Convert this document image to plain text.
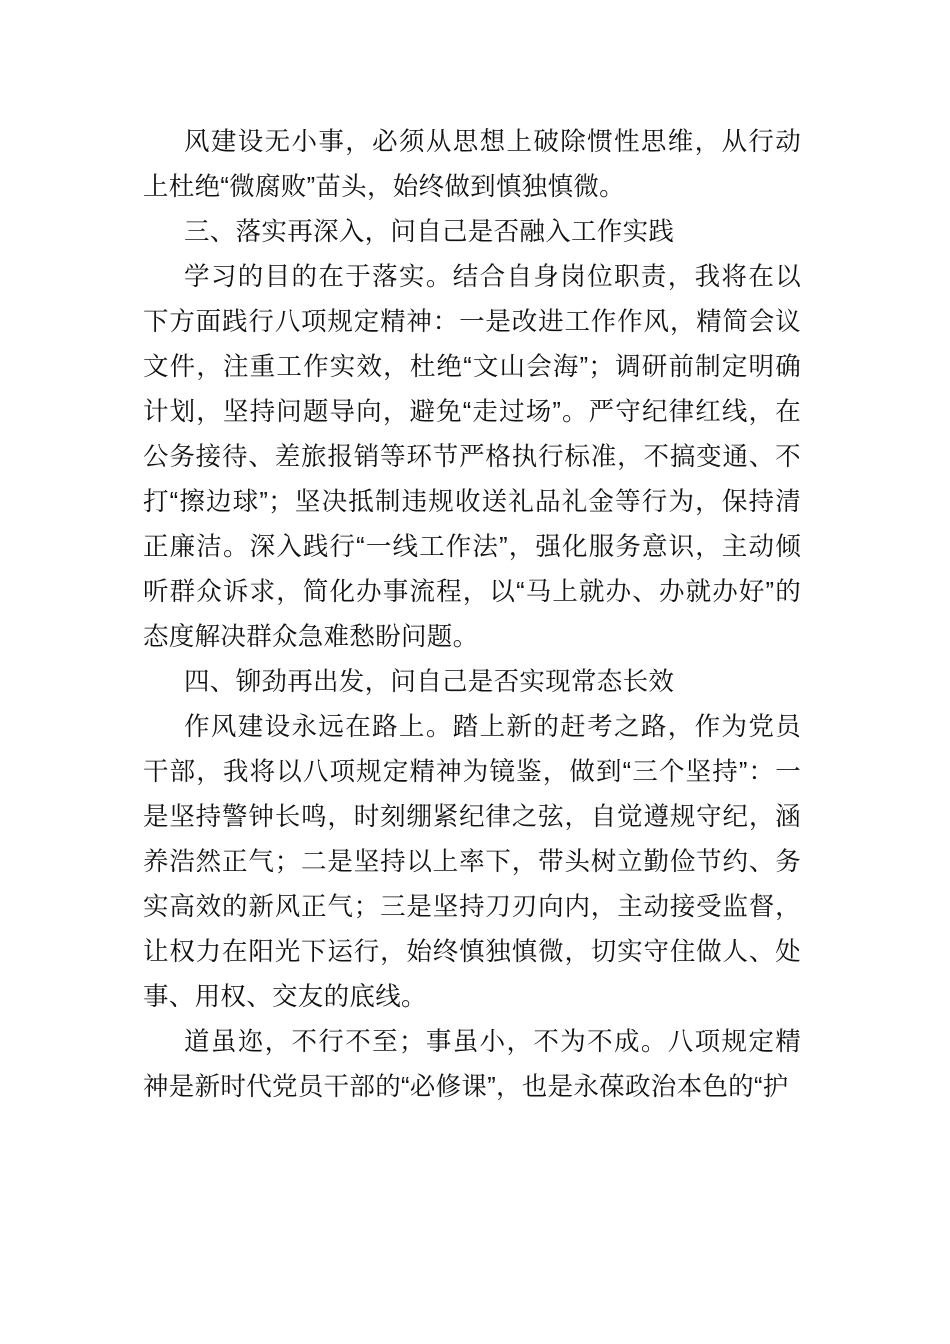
风建设无小事，必须从思想上破除惯性思维，从行动上杜绝“微腐败”苗头，始终做到慎独慎微。

三、落实再深入，问自己是否融入工作实践

学习的目的在于落实。结合自身岗位职责，我将在以下方面践行八项规定精神：一是改进工作作风，精简会议文件，注重工作实效，杜绝“文山会海”；调研前制定明确计划，坚持问题导向，避免“走过场”。严守纪律红线，在公务接待、差旅报销等环节严格执行标准，不搞变通、不打“擦边球”；坚决抵制违规收送礼品礼金等行为，保持清正廉洁。深入践行“一线工作法”，强化服务意识，主动倾听群众诉求，简化办事流程，以“马上就办、办就办好”的态度解决群众急难愁盼问题。

四、铆劲再出发，问自己是否实现常态长效

作风建设永远在路上。踏上新的赶考之路，作为党员干部，我将以八项规定精神为镜鉴，做到“三个坚持”：一是坚持警钟长鸣，时刻绷紧纪律之弦，自觉遵规守纪，涵养浩然正气；二是坚持以上率下，带头树立勤俭节约、务实高效的新风正气；三是坚持刀刃向内，主动接受监督，让权力在阳光下运行，始终慎独慎微，切实守住做人、处事、用权、交友的底线。

道虽迩，不行不至；事虽小，不为不成。八项规定精神是新时代党员干部的“必修课”，也是永葆政治本色的“护
